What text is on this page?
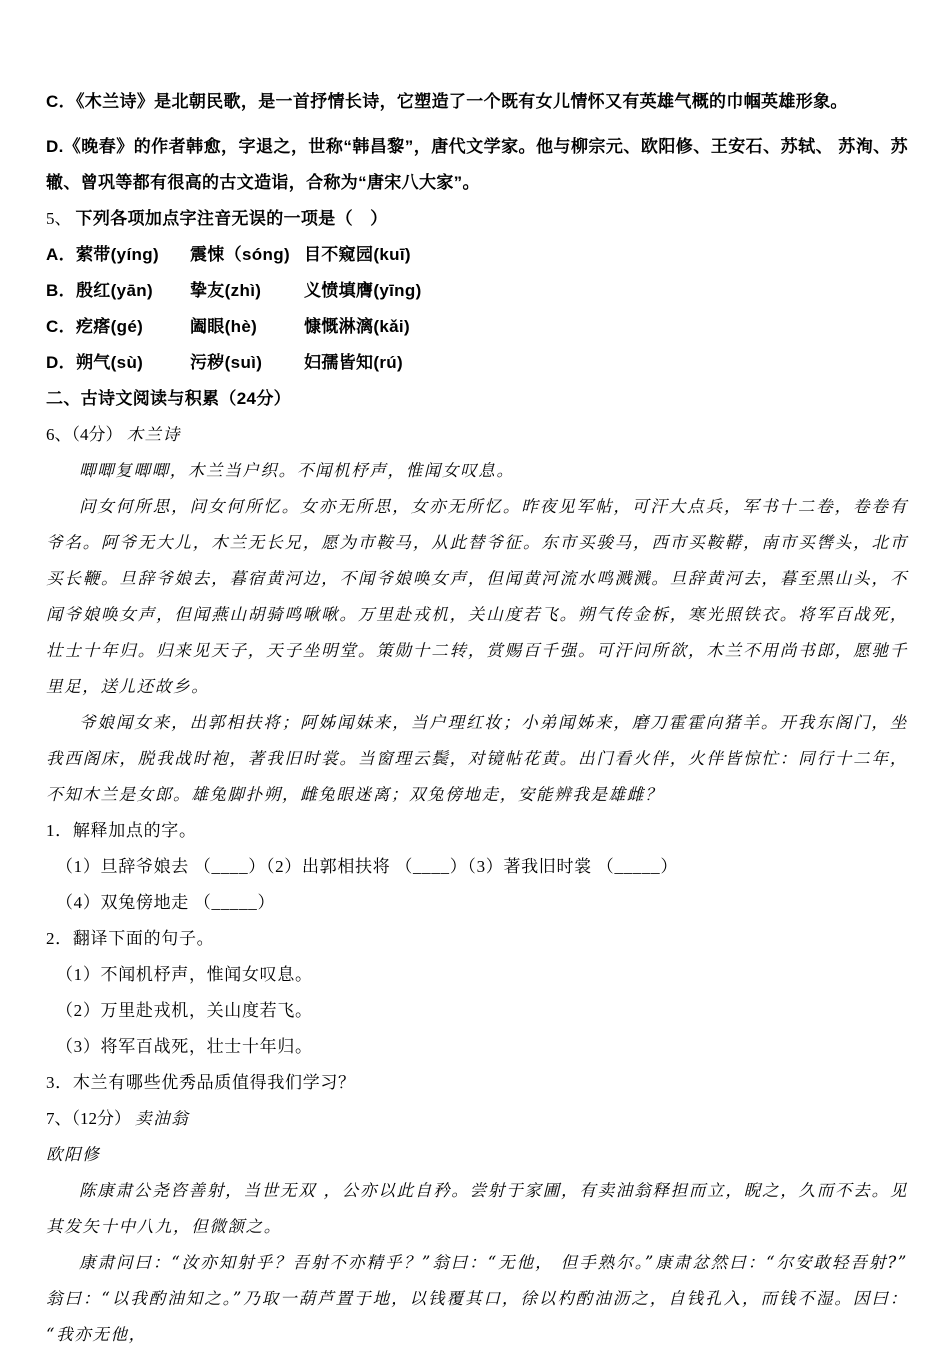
C．《木兰诗》是北朝民歌，是一首抒情长诗，它塑造了一个既有女儿情怀又有英雄气概的巾帼英雄形象。

D.《晚春》的作者韩愈，字退之，世称“韩昌黎”，唐代文学家。他与柳宗元、欧阳修、王安石、苏轼、 苏洵、苏辙、曾巩等都有很高的古文造诣，合称为“唐宋八大家”。

5、 下列各项加点字注音无误的一项是（　）

A．萦带(yíng) 震悚（sóng) 目不窥园(kuī)

B．殷红(yān) 挚友(zhì)	义愤填膺(yīng)

C．疙瘩(gé)	阖眼(hè)	慷慨淋漓(kǎi)

D．朔气(sù)	污秽(suì) 妇孺皆知(rú)

二、古诗文阅读与积累（24分）

6、（4分） 木兰诗

唧唧复唧唧，木兰当户织。不闻机杼声，惟闻女叹息。

问女何所思，问女何所忆。女亦无所思，女亦无所忆。昨夜见军帖，可汗大点兵，军书十二卷，卷卷有爷名。阿爷无大儿，木兰无长兄，愿为市鞍马，从此替爷征。东市买骏马，西市买鞍鞯，南市买辔头，北市买长鞭。旦辞爷娘去，暮宿黄河边，不闻爷娘唤女声，但闻黄河流水鸣溅溅。旦辞黄河去，暮至黑山头，不闻爷娘唤女声，但闻燕山胡骑鸣啾啾。万里赴戎机，关山度若飞。朔气传金柝，寒光照铁衣。将军百战死，壮士十年归。归来见天子，天子坐明堂。策勋十二转，赏赐百千强。可汗问所欲，木兰不用尚书郎，愿驰千里足，送儿还故乡。

爷娘闻女来，出郭相扶将；阿姊闻妹来，当户理红妆；小弟闻姊来，磨刀霍霍向猪羊。开我东阁门，坐我西阁床，脱我战时袍，著我旧时裳。当窗理云鬓，对镜帖花黄。出门看火伴，火伴皆惊忙：同行十二年，不知木兰是女郎。雄兔脚扑朔，雌兔眼迷离；双兔傍地走，安能辨我是雄雌？

1．解释加点的字。

（1）旦辞爷娘去 （____）（2）出郭相扶将 （____）（3）著我旧时裳 （_____）

（4）双兔傍地走 （_____）

2．翻译下面的句子。

（1）不闻机杼声，惟闻女叹息。

（2）万里赴戎机，关山度若飞。

（3）将军百战死，壮士十年归。

3．木兰有哪些优秀品质值得我们学习？

7、（12分） 卖油翁

欧阳修

陈康肃公尧咨善射，当世无双 ，公亦以此自矜。尝射于家圃，有卖油翁释担而立，睨之，久而不去。见其发矢十中八九，但微颔之。

康肃问曰：“汝亦知射乎？吾射不亦精乎？”翁曰：“无他， 但手熟尔。”康肃忿然曰：“尔安敢轻吾射?”翁曰：“以我酌油知之。”乃取一葫芦置于地，以钱覆其口，徐以杓酌油沥之，自钱孔入，而钱不湿。因曰：“我亦无他，
